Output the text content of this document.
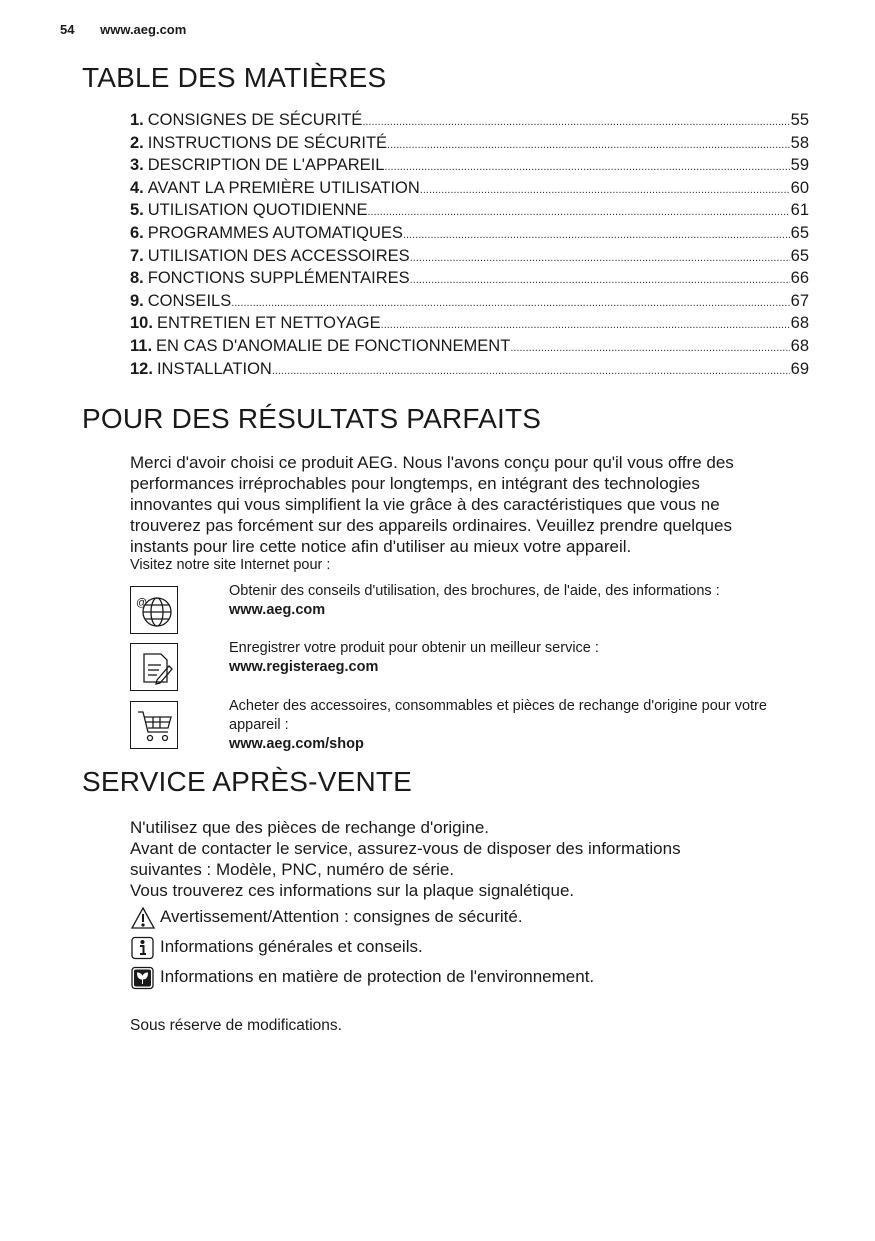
54 www.aeg.com
TABLE DES MATIÈRES
1. CONSIGNES DE SÉCURITÉ .....	55
2. INSTRUCTIONS DE SÉCURITÉ .....	58
3. DESCRIPTION DE L'APPAREIL .....	59
4. AVANT LA PREMIÈRE UTILISATION .....	60
5. UTILISATION QUOTIDIENNE .....	61
6. PROGRAMMES AUTOMATIQUES .....	65
7. UTILISATION DES ACCESSOIRES .....	65
8. FONCTIONS SUPPLÉMENTAIRES .....	66
9. CONSEILS .....	67
10. ENTRETIEN ET NETTOYAGE .....	68
11. EN CAS D'ANOMALIE DE FONCTIONNEMENT .....	68
12. INSTALLATION .....	69
POUR DES RÉSULTATS PARFAITS
Merci d'avoir choisi ce produit AEG. Nous l'avons conçu pour qu'il vous offre des
performances irréprochables pour longtemps, en intégrant des technologies
innovantes qui vous simplifient la vie grâce à des caractéristiques que vous ne
trouverez pas forcément sur des appareils ordinaires. Veuillez prendre quelques
instants pour lire cette notice afin d'utiliser au mieux votre appareil.
Visitez notre site Internet pour :
@
Obtenir des conseils d'utilisation, des brochures, de l'aide, des informations :
www.aeg.com
Enregistrer votre produit pour obtenir un meilleur service :
www.registeraeg.com
Acheter des accessoires, consommables et pièces de rechange d'origine pour votre appareil :
www.aeg.com/shop
SERVICE APRÈS-VENTE
N'utilisez que des pièces de rechange d'origine.
Avant de contacter le service, assurez-vous de disposer des informations
suivantes : Modèle, PNC, numéro de série.
Vous trouverez ces informations sur la plaque signalétique.
Avertissement/Attention : consignes de sécurité.
Informations générales et conseils.
Informations en matière de protection de l'environnement.
Sous réserve de modifications.
